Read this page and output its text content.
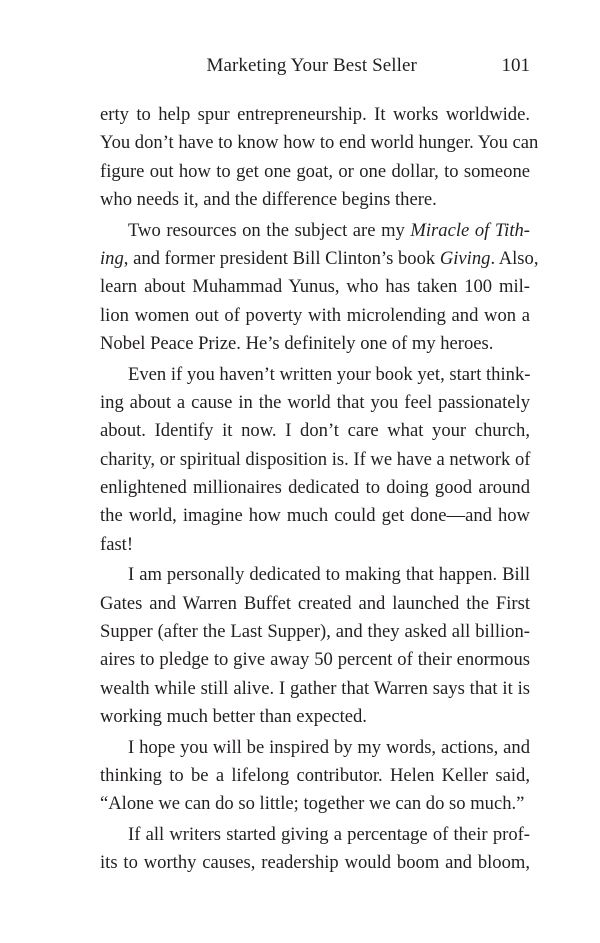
Marketing Your Best Seller	101
erty to help spur entrepreneurship. It works worldwide.
You don’t have to know how to end world hunger. You can
figure out how to get one goat, or one dollar, to someone
who needs it, and the difference begins there.
Two resources on the subject are my Miracle of Tith-
ing, and former president Bill Clinton’s book Giving. Also,
learn about Muhammad Yunus, who has taken 100 mil-
lion women out of poverty with microlending and won a
Nobel Peace Prize. He’s definitely one of my heroes.
Even if you haven’t written your book yet, start think-
ing about a cause in the world that you feel passionately
about. Identify it now. I don’t care what your church,
charity, or spiritual disposition is. If we have a network of
enlightened millionaires dedicated to doing good around
the world, imagine how much could get done—and how
fast!
I am personally dedicated to making that happen. Bill
Gates and Warren Buffet created and launched the First
Supper (after the Last Supper), and they asked all billion-
aires to pledge to give away 50 percent of their enormous
wealth while still alive. I gather that Warren says that it is
working much better than expected.
I hope you will be inspired by my words, actions, and
thinking to be a lifelong contributor. Helen Keller said,
“Alone we can do so little; together we can do so much.”
If all writers started giving a percentage of their prof-
its to worthy causes, readership would boom and bloom,
